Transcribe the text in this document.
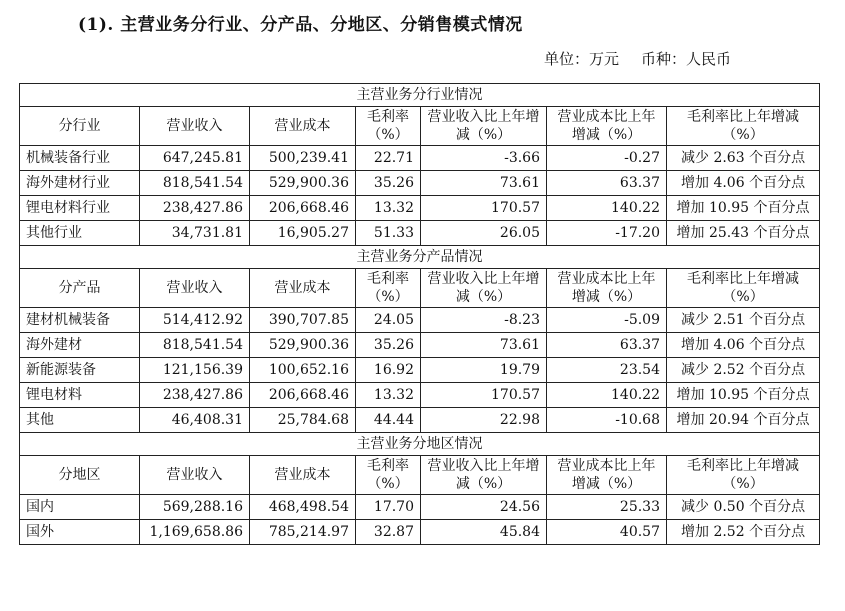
(1). 主营业务分行业、分产品、分地区、分销售模式情况
单位：万元 币种：人民币
主营业务分行业情况						
分行业	营业收入	营业成本	毛利率（%）	营业收入比上年增减（%）	营业成本比上年增减（%）	毛利率比上年增减（%）
机械装备行业	647,245.81	500,239.41	22.71	-3.66	-0.27	减少 2.63 个百分点
海外建材行业	818,541.54	529,900.36	35.26	73.61	63.37	增加 4.06 个百分点
锂电材料行业	238,427.86	206,668.46	13.32	170.57	140.22	增加 10.95 个百分点
其他行业	34,731.81	16,905.27	51.33	26.05	-17.20	增加 25.43 个百分点
主营业务分产品情况						
分产品	营业收入	营业成本	毛利率（%）	营业收入比上年增减（%）	营业成本比上年增减（%）	毛利率比上年增减（%）
建材机械装备	514,412.92	390,707.85	24.05	-8.23	-5.09	减少 2.51 个百分点
海外建材	818,541.54	529,900.36	35.26	73.61	63.37	增加 4.06 个百分点
新能源装备	121,156.39	100,652.16	16.92	19.79	23.54	减少 2.52 个百分点
锂电材料	238,427.86	206,668.46	13.32	170.57	140.22	增加 10.95 个百分点
其他	46,408.31	25,784.68	44.44	22.98	-10.68	增加 20.94 个百分点
主营业务分地区情况						
分地区	营业收入	营业成本	毛利率（%）	营业收入比上年增减（%）	营业成本比上年增减（%）	毛利率比上年增减（%）
国内	569,288.16	468,498.54	17.70	24.56	25.33	减少 0.50 个百分点
国外	1,169,658.86	785,214.97	32.87	45.84	40.57	增加 2.52 个百分点
